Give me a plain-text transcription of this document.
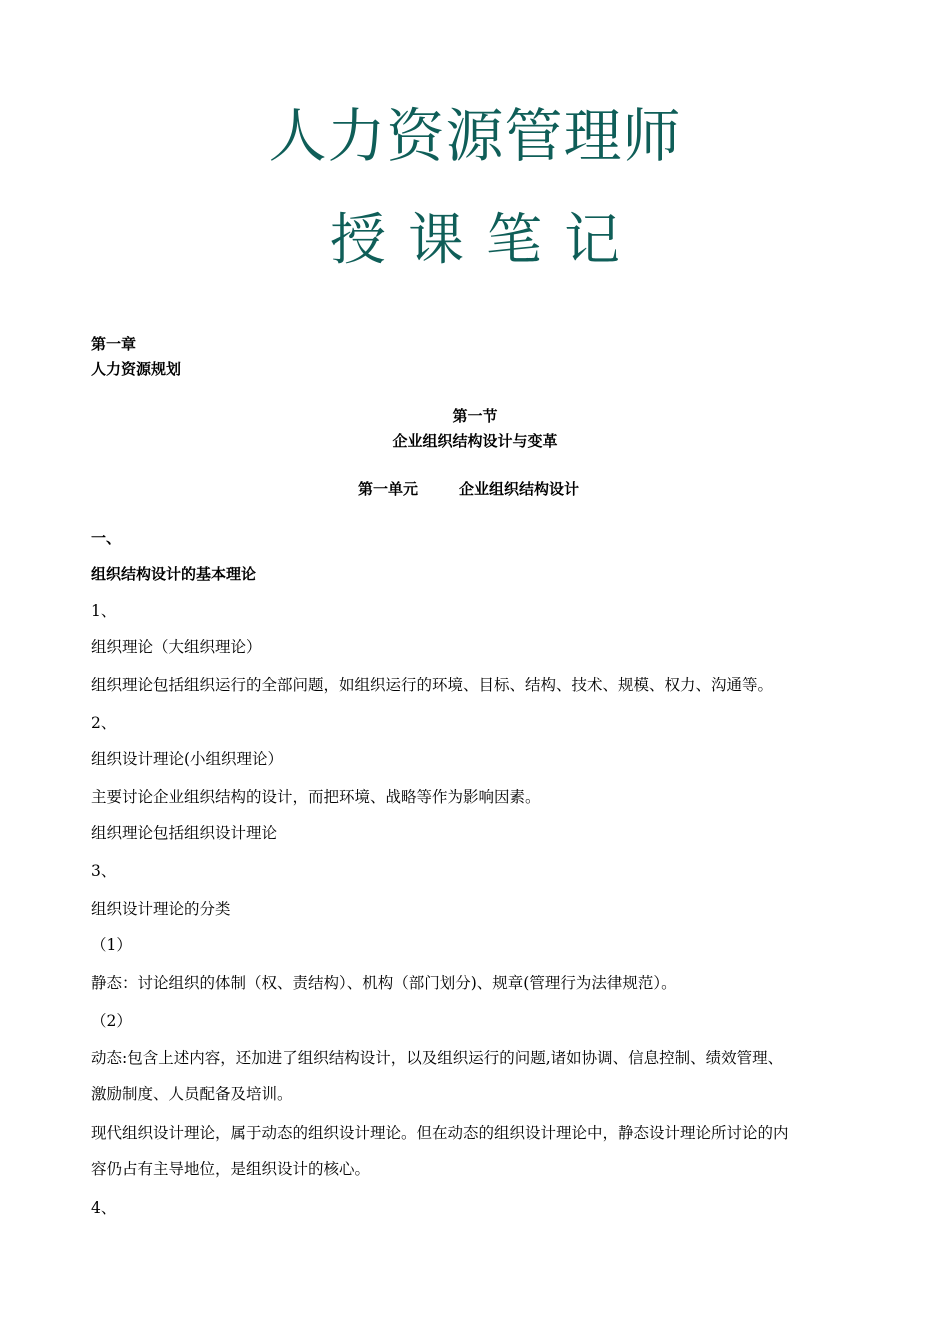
人力资源管理师
授课笔记
第一章
人力资源规划
第一节
企业组织结构设计与变革
第一单元	企业组织结构设计
一、
组织结构设计的基本理论
1、
组织理论（大组织理论）
组织理论包括组织运行的全部问题，如组织运行的环境、目标、结构、技术、规模、权力、沟通等。
2、
组织设计理论(小组织理论）
主要讨论企业组织结构的设计，而把环境、战略等作为影响因素。
组织理论包括组织设计理论
3、
组织设计理论的分类
（1）
静态：讨论组织的体制（权、责结构）、机构（部门划分)、规章(管理行为法律规范）。
（2）
动态:包含上述内容，还加进了组织结构设计，以及组织运行的问题,诸如协调、信息控制、绩效管理、
激励制度、人员配备及培训。
现代组织设计理论，属于动态的组织设计理论。但在动态的组织设计理论中，静态设计理论所讨论的内
容仍占有主导地位，是组织设计的核心。
4、
